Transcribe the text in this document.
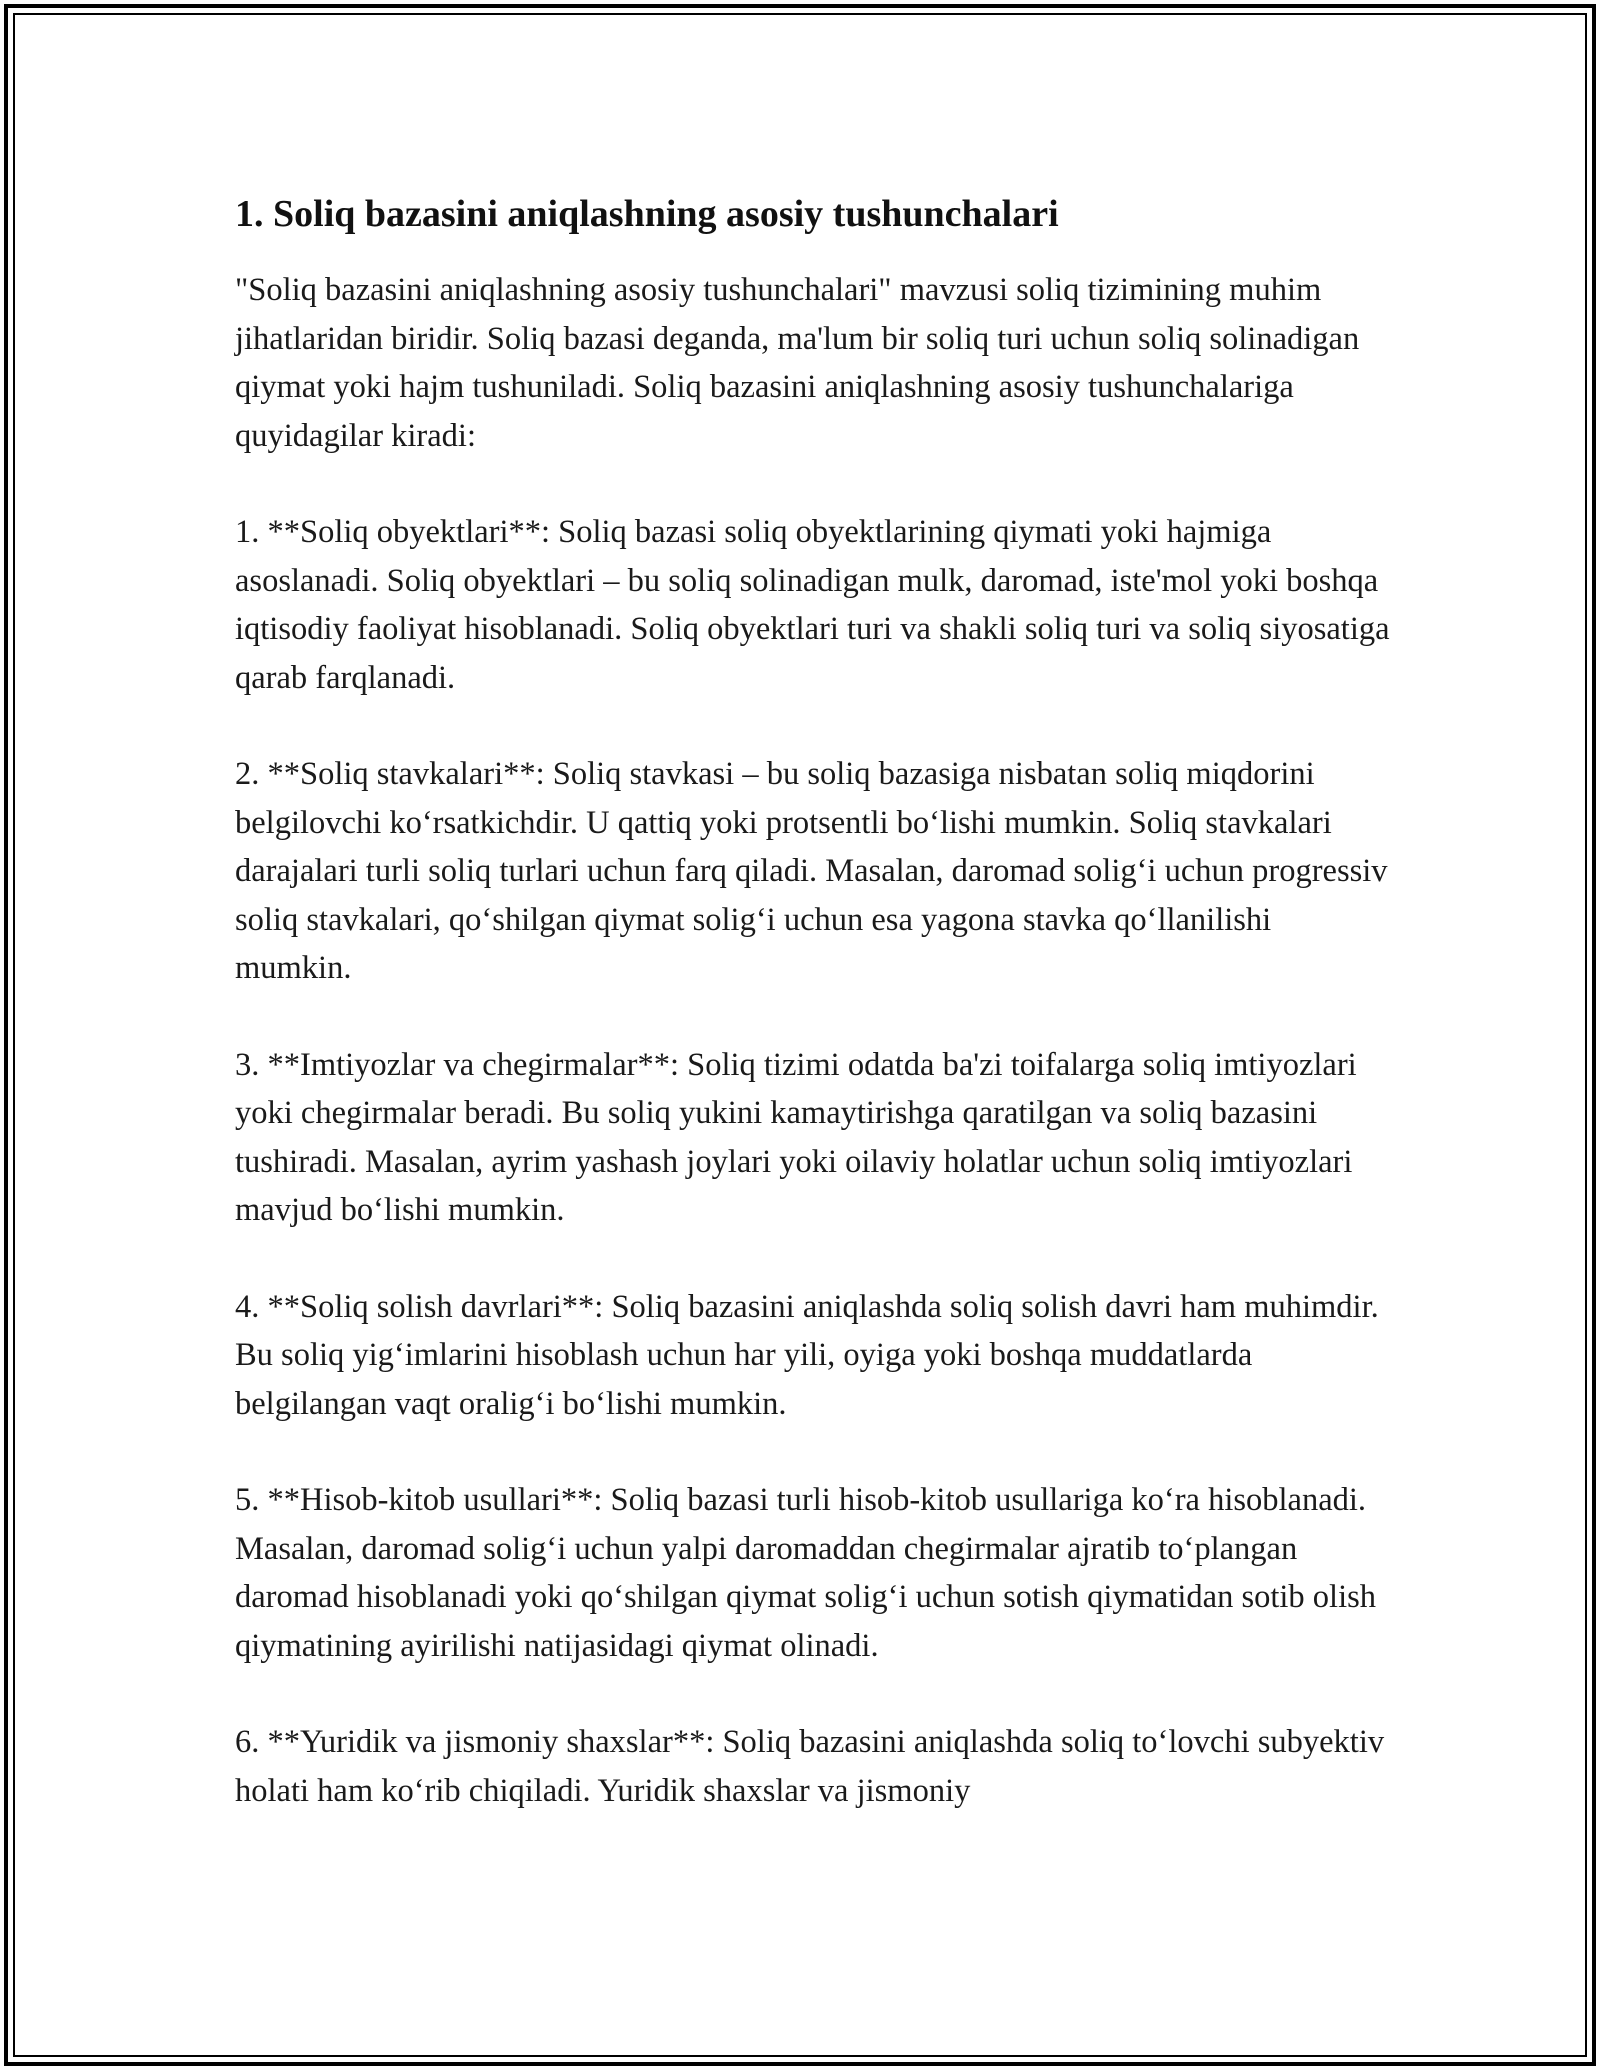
1. Soliq bazasini aniqlashning asosiy tushunchalari

"Soliq bazasini aniqlashning asosiy tushunchalari" mavzusi soliq tizimining muhim jihatlaridan biridir. Soliq bazasi deganda, ma'lum bir soliq turi uchun soliq solinadigan qiymat yoki hajm tushuniladi. Soliq bazasini aniqlashning asosiy tushunchalariga quyidagilar kiradi:

1. **Soliq obyektlari**: Soliq bazasi soliq obyektlarining qiymati yoki hajmiga asoslanadi. Soliq obyektlari – bu soliq solinadigan mulk, daromad, iste'mol yoki boshqa iqtisodiy faoliyat hisoblanadi. Soliq obyektlari turi va shakli soliq turi va soliq siyosatiga qarab farqlanadi.

2. **Soliq stavkalari**: Soliq stavkasi – bu soliq bazasiga nisbatan soliq miqdorini belgilovchi ko‘rsatkichdir. U qattiq yoki protsentli bo‘lishi mumkin. Soliq stavkalari darajalari turli soliq turlari uchun farq qiladi. Masalan, daromad solig‘i uchun progressiv soliq stavkalari, qo‘shilgan qiymat solig‘i uchun esa yagona stavka qo‘llanilishi mumkin.

3. **Imtiyozlar va chegirmalar**: Soliq tizimi odatda ba'zi toifalarga soliq imtiyozlari yoki chegirmalar beradi. Bu soliq yukini kamaytirishga qaratilgan va soliq bazasini tushiradi. Masalan, ayrim yashash joylari yoki oilaviy holatlar uchun soliq imtiyozlari mavjud bo‘lishi mumkin.

4. **Soliq solish davrlari**: Soliq bazasini aniqlashda soliq solish davri ham muhimdir. Bu soliq yig‘imlarini hisoblash uchun har yili, oyiga yoki boshqa muddatlarda belgilangan vaqt oralig‘i bo‘lishi mumkin.

5. **Hisob-kitob usullari**: Soliq bazasi turli hisob-kitob usullariga ko‘ra hisoblanadi. Masalan, daromad solig‘i uchun yalpi daromaddan chegirmalar ajratib to‘plangan daromad hisoblanadi yoki qo‘shilgan qiymat solig‘i uchun sotish qiymatidan sotib olish qiymatining ayirilishi natijasidagi qiymat olinadi.

6. **Yuridik va jismoniy shaxslar**: Soliq bazasini aniqlashda soliq to‘lovchi subyektiv holati ham ko‘rib chiqiladi. Yuridik shaxslar va jismoniy
